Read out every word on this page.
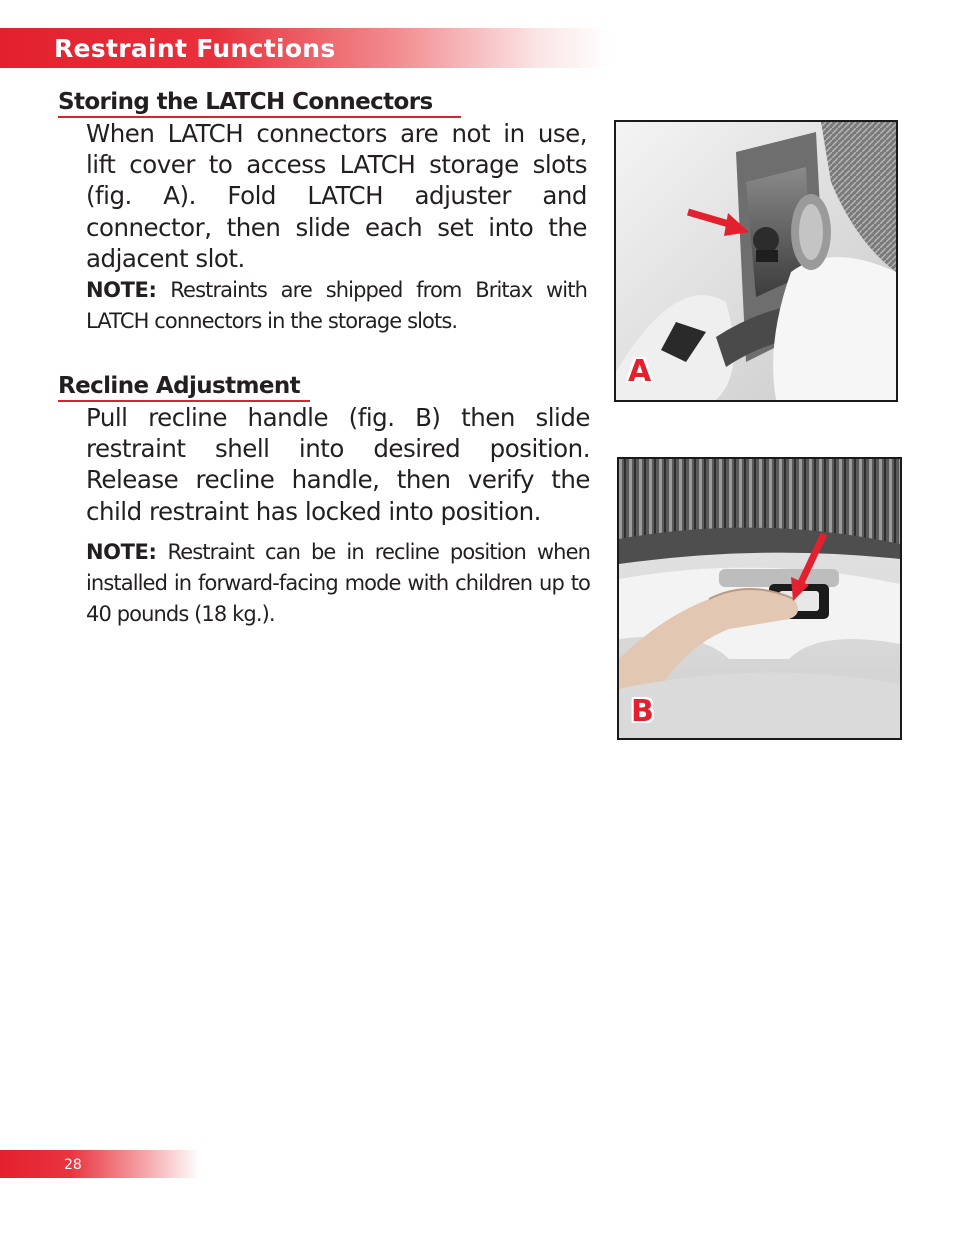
Restraint Functions
Storing the LATCH Connectors

When LATCH connectors are not in use, lift cover to access LATCH storage slots (fig. A). Fold LATCH adjuster and connector, then slide each set into the adjacent slot.

NOTE: Restraints are shipped from Britax with LATCH connectors in the storage slots.

Recline Adjustment

Pull recline handle (fig. B) then slide restraint shell into desired position. Release recline handle, then verify the child restraint has locked into position.

NOTE: Restraint can be in recline position when installed in forward-facing mode with children up to 40 pounds (18 kg.).

A
B
28
